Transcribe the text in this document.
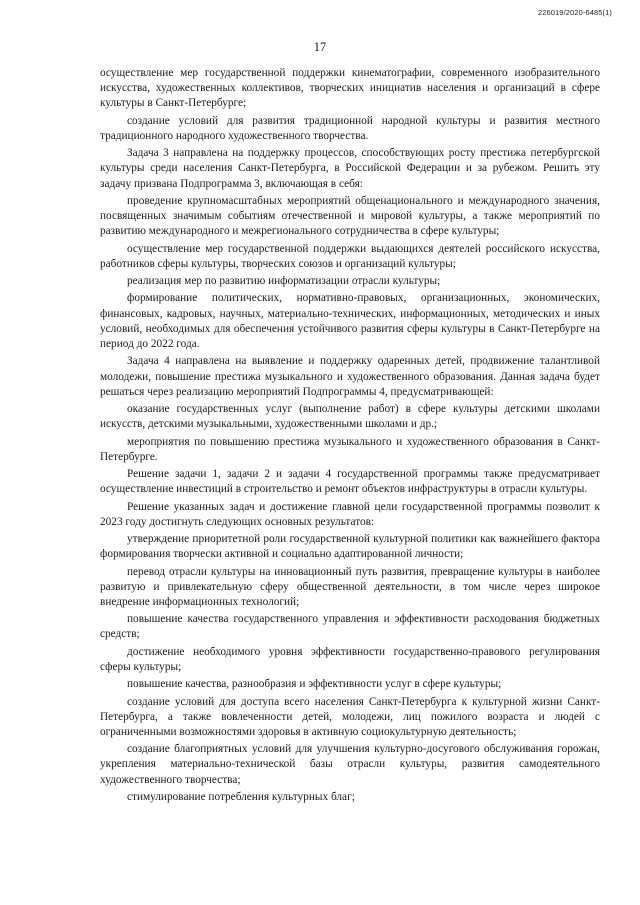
226019/2020-6485(1)
17

осуществление мер государственной поддержки кинематографии, современного изобразительного искусства, художественных коллективов, творческих инициатив населения и организаций в сфере культуры в Санкт-Петербурге;

создание условий для развития традиционной народной культуры и развития местного традиционного народного художественного творчества.

Задача 3 направлена на поддержку процессов, способствующих росту престижа петербургской культуры среди населения Санкт-Петербурга, в Российской Федерации и за рубежом. Решить эту задачу призвана Подпрограмма 3, включающая в себя:

проведение крупномасштабных мероприятий общенационального и международного значения, посвященных значимым событиям отечественной и мировой культуры, а также мероприятий по развитию международного и межрегионального сотрудничества в сфере культуры;

осуществление мер государственной поддержки выдающихся деятелей российского искусства, работников сферы культуры, творческих союзов и организаций культуры;

реализация мер по развитию информатизации отрасли культуры;

формирование политических, нормативно-правовых, организационных, экономических, финансовых, кадровых, научных, материально-технических, информационных, методических и иных условий, необходимых для обеспечения устойчивого развития сферы культуры в Санкт-Петербурге на период до 2022 года.

Задача 4 направлена на выявление и поддержку одаренных детей, продвижение талантливой молодежи, повышение престижа музыкального и художественного образования. Данная задача будет решаться через реализацию мероприятий Подпрограммы 4, предусматривающей:

оказание государственных услуг (выполнение работ) в сфере культуры детскими школами искусств, детскими музыкальными, художественными школами и др.;

мероприятия по повышению престижа музыкального и художественного образования в Санкт-Петербурге.

Решение задачи 1, задачи 2 и задачи 4 государственной программы также предусматривает осуществление инвестиций в строительство и ремонт объектов инфраструктуры в отрасли культуры.

Решение указанных задач и достижение главной цели государственной программы позволит к 2023 году достигнуть следующих основных результатов:

утверждение приоритетной роли государственной культурной политики как важнейшего фактора формирования творчески активной и социально адаптированной личности;

перевод отрасли культуры на инновационный путь развития, превращение культуры в наиболее развитую и привлекательную сферу общественной деятельности, в том числе через широкое внедрение информационных технологий;

повышение качества государственного управления и эффективности расходования бюджетных средств;

достижение необходимого уровня эффективности государственно-правового регулирования сферы культуры;

повышение качества, разнообразия и эффективности услуг в сфере культуры;

создание условий для доступа всего населения Санкт-Петербурга к культурной жизни Санкт-Петербурга, а также вовлеченности детей, молодежи, лиц пожилого возраста и людей с ограниченными возможностями здоровья в активную социокультурную деятельность;

создание благоприятных условий для улучшения культурно-досугового обслуживания горожан, укрепления материально-технической базы отрасли культуры, развития самодеятельного художественного творчества;

стимулирование потребления культурных благ;
